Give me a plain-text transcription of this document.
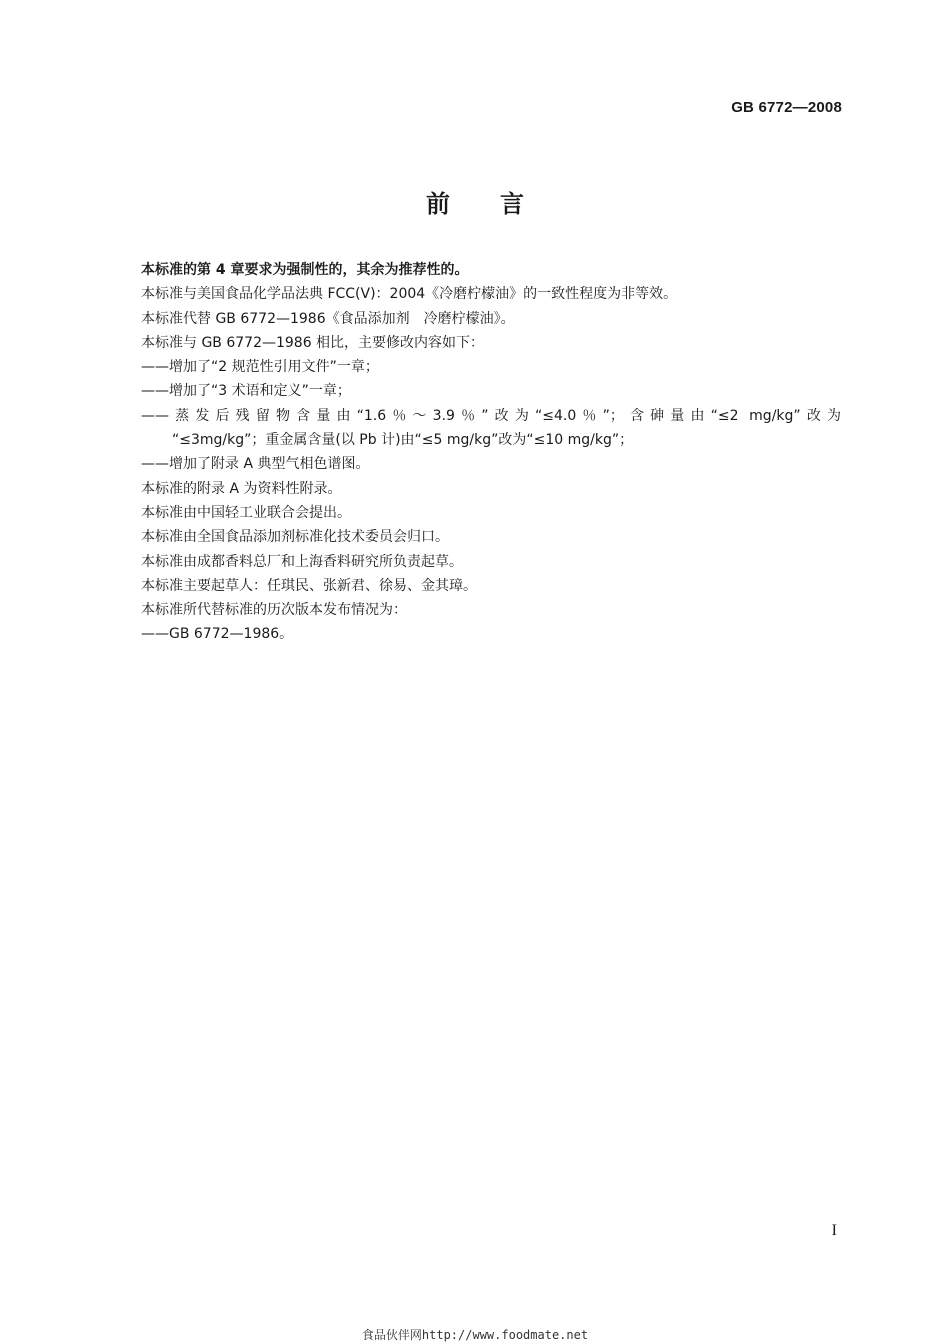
GB 6772—2008
前 言
本标准的第 4 章要求为强制性的，其余为推荐性的。
本标准与美国食品化学品法典 FCC(Ⅴ)：2004《冷磨柠檬油》的一致性程度为非等效。
本标准代替 GB 6772—1986《食品添加剂　冷磨柠檬油》。
本标准与 GB 6772—1986 相比，主要修改内容如下：
——增加了“2 规范性引用文件”一章；
——增加了“3 术语和定义”一章；
——蒸发后残留物含量由“1.6％～3.9％”改为“≤4.0％”；含砷量由“≤2 mg/kg”改为
“≤3mg/kg”；重金属含量(以 Pb 计)由“≤5 mg/kg”改为“≤10 mg/kg”；
——增加了附录 A 典型气相色谱图。
本标准的附录 A 为资料性附录。
本标准由中国轻工业联合会提出。
本标准由全国食品添加剂标准化技术委员会归口。
本标准由成都香料总厂和上海香料研究所负责起草。
本标准主要起草人：任琪民、张新君、徐易、金其璋。
本标准所代替标准的历次版本发布情况为：
——GB 6772—1986。
I
食品伙伴网http://www.foodmate.net
